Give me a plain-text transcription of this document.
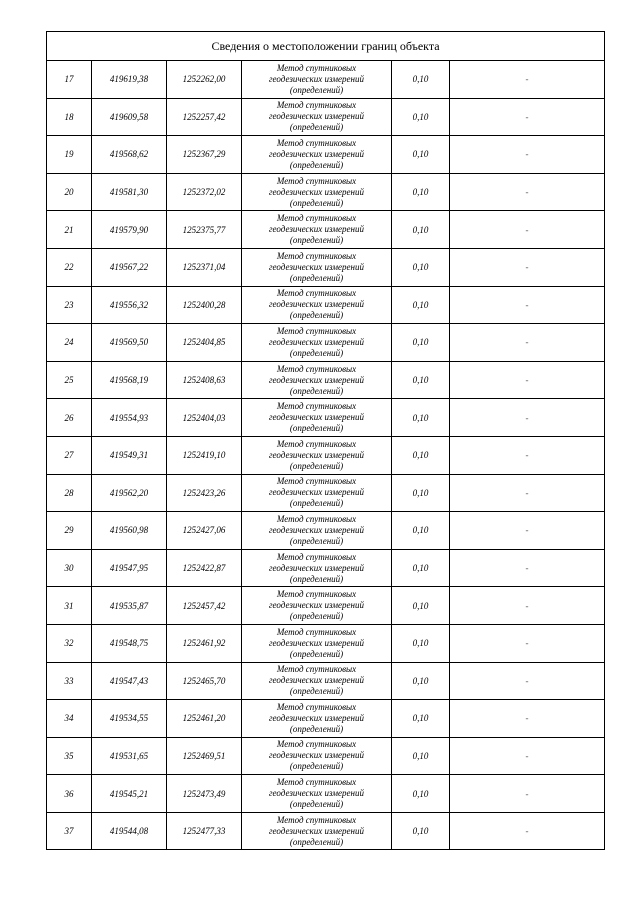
Сведения о местоположении границ объекта					
17	419619,38	1252262,00	Метод спутниковых
геодезических измерений
(определений)	0,10	-
18	419609,58	1252257,42	Метод спутниковых
геодезических измерений
(определений)	0,10	-
19	419568,62	1252367,29	Метод спутниковых
геодезических измерений
(определений)	0,10	-
20	419581,30	1252372,02	Метод спутниковых
геодезических измерений
(определений)	0,10	-
21	419579,90	1252375,77	Метод спутниковых
геодезических измерений
(определений)	0,10	-
22	419567,22	1252371,04	Метод спутниковых
геодезических измерений
(определений)	0,10	-
23	419556,32	1252400,28	Метод спутниковых
геодезических измерений
(определений)	0,10	-
24	419569,50	1252404,85	Метод спутниковых
геодезических измерений
(определений)	0,10	-
25	419568,19	1252408,63	Метод спутниковых
геодезических измерений
(определений)	0,10	-
26	419554,93	1252404,03	Метод спутниковых
геодезических измерений
(определений)	0,10	-
27	419549,31	1252419,10	Метод спутниковых
геодезических измерений
(определений)	0,10	-
28	419562,20	1252423,26	Метод спутниковых
геодезических измерений
(определений)	0,10	-
29	419560,98	1252427,06	Метод спутниковых
геодезических измерений
(определений)	0,10	-
30	419547,95	1252422,87	Метод спутниковых
геодезических измерений
(определений)	0,10	-
31	419535,87	1252457,42	Метод спутниковых
геодезических измерений
(определений)	0,10	-
32	419548,75	1252461,92	Метод спутниковых
геодезических измерений
(определений)	0,10	-
33	419547,43	1252465,70	Метод спутниковых
геодезических измерений
(определений)	0,10	-
34	419534,55	1252461,20	Метод спутниковых
геодезических измерений
(определений)	0,10	-
35	419531,65	1252469,51	Метод спутниковых
геодезических измерений
(определений)	0,10	-
36	419545,21	1252473,49	Метод спутниковых
геодезических измерений
(определений)	0,10	-
37	419544,08	1252477,33	Метод спутниковых
геодезических измерений
(определений)	0,10	-
